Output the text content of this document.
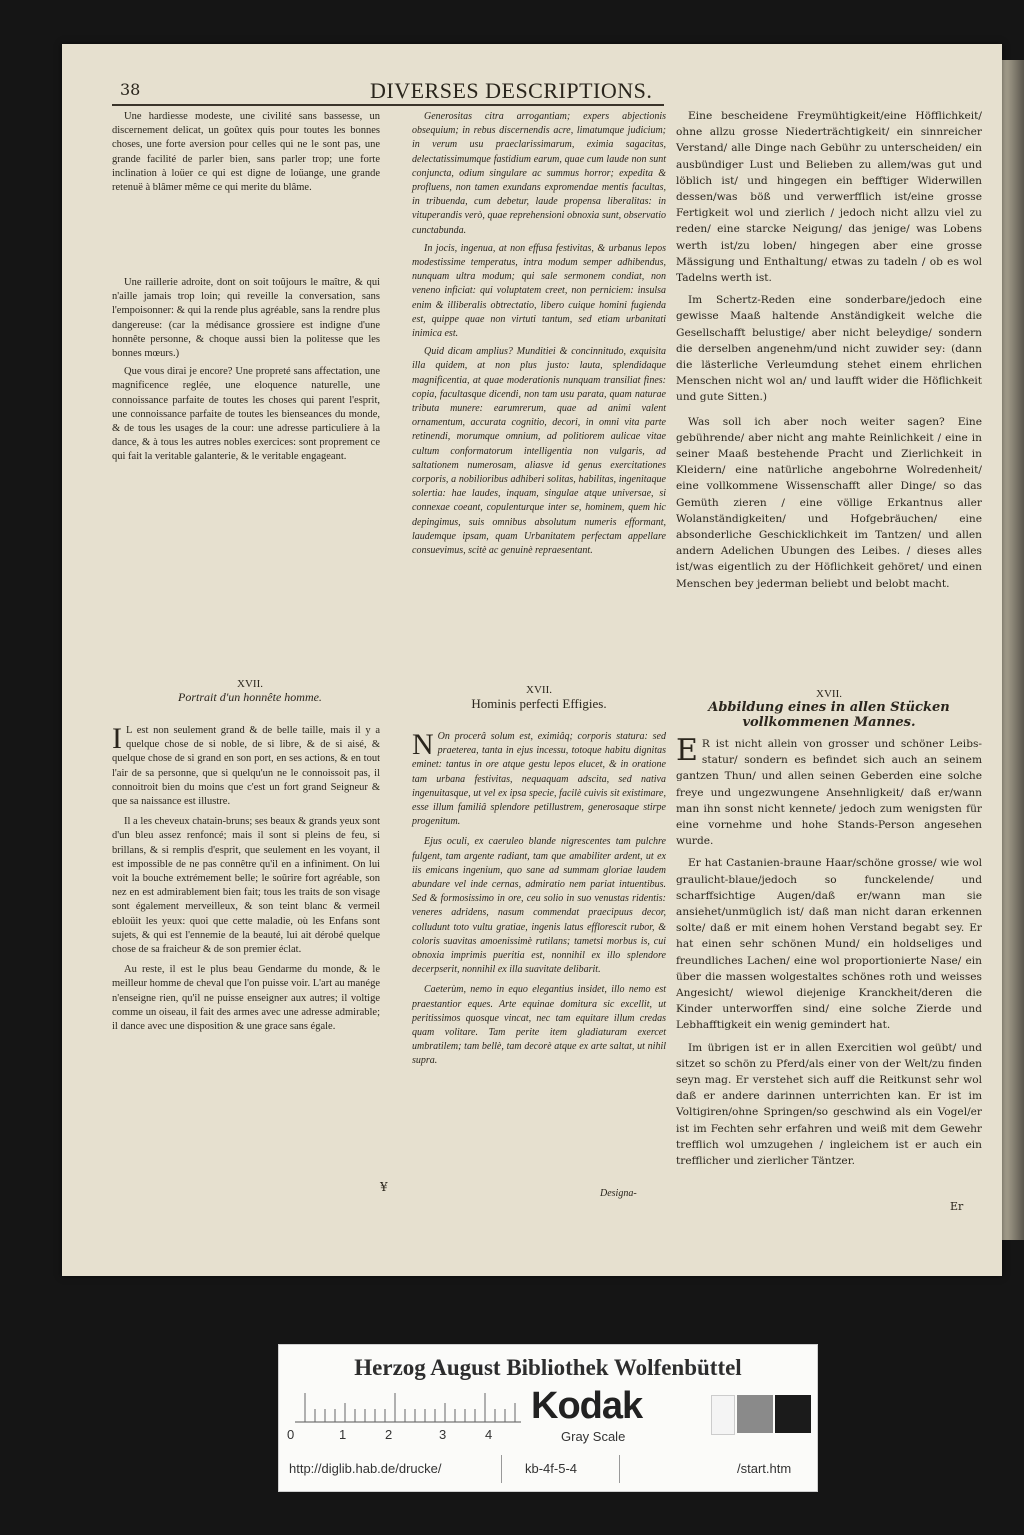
38	DIVERSES DESCRIPTIONS.

Une hardiesse modeste, une civilité sans bassesse, un discernement delicat, un goûtex quis pour toutes les bonnes choses, une forte aversion pour celles qui ne le sont pas, une grande facilité de parler bien, sans parler trop; une forte inclination à loüer ce qui est digne de loüange, une grande retenuë à blâmer même ce qui merite du blâme.

Une raillerie adroite, dont on soit toûjours le maître, & qui n'aille jamais trop loin; qui reveille la conversation, sans l'empoisonner: & qui la rende plus agréable, sans la rendre plus dangereuse: (car la médisance grossiere est indigne d'une honnête personne, & choque aussi bien la politesse que les bonnes mœurs.)

Que vous dirai je encore? Une propreté sans affectation, une magnificence reglée, une eloquence naturelle, une connoissance parfaite de toutes les choses qui parent l'esprit, une connoissance parfaite de toutes les bienseances du monde, & de tous les usages de la cour: une adresse particuliere à la dance, & à tous les autres nobles exercices: sont proprement ce qui fait la veritable galanterie, & le veritable engageant.

Generositas citra arrogantiam; expers abjectionis obsequium; in rebus discernendis acre, limatumque judicium; in verum usu praeclarissimarum, eximia sagacitas, delectatissimumque fastidium earum, quae cum laude non sunt conjuncta, odium singulare ac summus horror; expedita & profluens, non tamen exundans expromendae mentis facultas, in tribuenda, cum debetur, laude propensa liberalitas: in vituperandis verò, quae reprehensioni obnoxia sunt, observatio cunctabunda.

In jocis, ingenua, at non effusa festivitas, & urbanus lepos modestissime temperatus, intra modum semper adhibendus, nunquam ultra modum; qui sale sermonem condiat, non veneno inficiat: qui voluptatem creet, non perniciem: insulsa enim & illiberalis obtrectatio, libero cuique homini fugienda est, quippe quae non virtuti tantum, sed etiam urbanitati inimica est.

Quid dicam amplius? Munditiei & concinnitudo, exquisita illa quidem, at non plus justo: lauta, splendidaque magnificentia, at quae moderationis nunquam transiliat fines: copia, facultasque dicendi, non tam usu parata, quam naturae tributa munere: earumrerum, quae ad animi valent ornamentum, accurata cognitio, decori, in omni vita parte retinendi, morumque omnium, ad politiorem aulicae vitae cultum conformatorum intelligentia non vulgaris, ad saltationem numerosam, aliasve id genus exercitationes corporis, a nobilioribus adhiberi solitas, habilitas, ingenitaque solertia: hae laudes, inquam, singulae atque universae, si connexae coeant, copulenturque inter se, hominem, quem hic depingimus, suis omnibus absolutum numeris efformant, laudemque ipsam, quam Urbanitatem perfectam appellare consuevimus, scitè ac genuinè repraesentant.

Eine bescheidene Freymühtigkeit/eine Höfflichkeit/ ohne allzu grosse Niederträchtigkeit/ ein sinnreicher Verstand/ alle Dinge nach Gebühr zu unterscheiden/ ein ausbündiger Lust und Belieben zu allem/was gut und löblich ist/ und hingegen ein befftiger Widerwillen dessen/was böß und verwerfflich ist/eine grosse Fertigkeit wol und zierlich / jedoch nicht allzu viel zu reden/ eine starcke Neigung/ das jenige/ was Lobens werth ist/zu loben/ hingegen aber eine grosse Mässigung und Enthaltung/ etwas zu tadeln / ob es wol Tadelns werth ist.

Im Schertz-Reden eine sonderbare/jedoch eine gewisse Maaß haltende Anständigkeit welche die Gesellschafft belustige/ aber nicht beleydige/ sondern die derselben angenehm/und nicht zuwider sey: (dann die lästerliche Verleumdung stehet einem ehrlichen Menschen nicht wol an/ und laufft wider die Höflichkeit und gute Sitten.)

Was soll ich aber noch weiter sagen? Eine gebührende/ aber nicht ang mahte Reinlichkeit / eine in seiner Maaß bestehende Pracht und Zierlichkeit in Kleidern/ eine natürliche angebohrne Wolredenheit/ eine vollkommene Wissenschafft aller Dinge/ so das Gemüth zieren / eine völlige Erkantnus aller Wolanständigkeiten/ und Hofgebräuchen/ eine absonderliche Geschicklichkeit im Tantzen/ und allen andern Adelichen Ubungen des Leibes. / dieses alles ist/was eigentlich zu der Höflichkeit gehöret/ und einen Menschen bey jederman beliebt und belobt macht.

XVII.
Portrait d'un honnête homme.	XVII.
Hominis perfecti Effigies.
XVII.
Abbildung eines in allen Stücken vollkommenen Mannes.

I L est non seulement grand & de belle taille, mais il y a quelque chose de si noble, de si libre, & de si aisé, & quelque chose de si grand en son port, en ses actions, & en tout l'air de sa personne, que si quelqu'un ne le connoissoit pas, il connoitroit bien du moins que c'est un fort grand Seigneur & que sa naissance est illustre.

Il a les cheveux chatain-bruns; ses beaux & grands yeux sont d'un bleu assez renfoncé; mais il sont si pleins de feu, si brillans, & si remplis d'esprit, que seulement en les voyant, il est impossible de ne pas connêtre qu'il en a infiniment. On lui voit la bouche extrémement belle; le soûrire fort agréable, son nez en est admirablement bien fait; tous les traits de son visage sont également merveilleux, & son teint blanc & vermeil ebloüit les yeux: quoi que cette maladie, où les Enfans sont sujets, & qui est l'ennemie de la beauté, lui ait dérobé quelque chose de sa fraicheur & de son premier éclat.

Au reste, il est le plus beau Gendarme du monde, & le meilleur homme de cheval que l'on puisse voir. L'art au manége n'enseigne rien, qu'il ne puisse enseigner aux autres; il voltige comme un oiseau, il fait des armes avec une adresse admirable; il dance avec une disposition & une grace sans égale.

¥

N On procerâ solum est, eximiâq; corporis statura: sed praeterea, tanta in ejus incessu, totoque habitu dignitas eminet: tantus in ore atque gestu lepos elucet, & in oratione tam urbana festivitas, nequaquam adscita, sed nativa ingenuitasque, ut vel ex ipsa specie, facilè cuivis sit existimare, esse illum familiâ splendore petillustrem, generosaque stirpe progenitum.

Ejus oculi, ex caeruleo blande nigrescentes tam pulchre fulgent, tam argente radiant, tam que amabiliter ardent, ut ex iis emicans ingenium, quo sane ad summam gloriae laudem abundare vel inde cernas, admiratio nem pariat intuentibus. Sed & formosissimo in ore, ceu solio in suo venustas ridentis: veneres adridens, nasum commendat praecipuus decor, colludunt toto vultu gratiae, ingenis latus efflorescit rubor, & coloris suavitas amoenissimè rutilans; tametsi morbus is, cui obnoxia imprimis pueritia est, nonnihil ex illo splendore decerpserit, nonnihil ex illa suavitate delibarit.

Caeterùm, nemo in equo elegantius insidet, illo nemo est praestantior eques. Arte equinae domitura sic excellit, ut peritissimos quosque vincat, nec tam equitare illum credas quam volitare. Tam perite item gladiaturam exercet umbratilem; tam bellè, tam decorè atque ex arte saltat, ut nihil supra.

Designa-

E R ist nicht allein von grosser und schöner Leibs-statur/ sondern es befindet sich auch an seinem gantzen Thun/ und allen seinen Geberden eine solche freye und ungezwungene Ansehnligkeit/ daß er/wann man ihn sonst nicht kennete/ jedoch zum wenigsten für eine vornehme und hohe Stands-Person angesehen wurde.

Er hat Castanien-braune Haar/schöne grosse/ wie wol graulicht-blaue/jedoch so funckelende/ und scharffsichtige Augen/daß er/wann man sie ansiehet/unmüglich ist/ daß man nicht daran erkennen solte/ daß er mit einem hohen Verstand begabt sey. Er hat einen sehr schönen Mund/ ein holdseliges und freundliches Lachen/ eine wol proportionierte Nase/ ein über die massen wolgestaltes schönes roth und weisses Angesicht/ wiewol diejenige Kranckheit/deren die Kinder unterworffen sind/ eine solche Zierde und Lebhafftigkeit ein wenig gemindert hat.

Im übrigen ist er in allen Exercitien wol geübt/ und sitzet so schön zu Pferd/als einer von der Welt/zu finden seyn mag. Er verstehet sich auff die Reitkunst sehr wol daß er andere darinnen unterrichten kan. Er ist im Voltigiren/ohne Springen/so geschwind als ein Vogel/er ist im Fechten sehr erfahren und weiß mit dem Gewehr trefflich wol umzugehen / ingleichem ist er auch ein trefflicher und zierlicher Täntzer.

Er
Herzog August Bibliothek Wolfenbüttel
0	1	2	3	4
Kodak
Gray Scale
http://diglib.hab.de/drucke/	kb-4f-5-4	/start.htm
